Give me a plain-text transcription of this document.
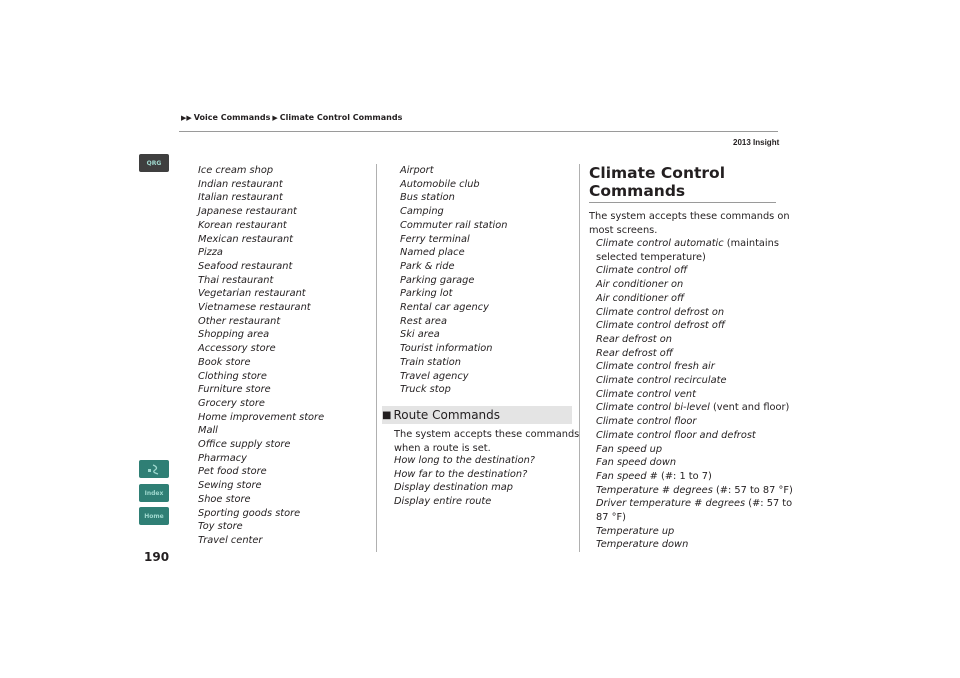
▶▶ Voice Commands ▶ Climate Control Commands
2013 Insight
QRG
Index
Home
Ice cream shop
Indian restaurant
Italian restaurant
Japanese restaurant
Korean restaurant
Mexican restaurant
Pizza
Seafood restaurant
Thai restaurant
Vegetarian restaurant
Vietnamese restaurant
Other restaurant
Shopping area
Accessory store
Book store
Clothing store
Furniture store
Grocery store
Home improvement store
Mall
Office supply store
Pharmacy
Pet food store
Sewing store
Shoe store
Sporting goods store
Toy store
Travel center
Airport
Automobile club
Bus station
Camping
Commuter rail station
Ferry terminal
Named place
Park & ride
Parking garage
Parking lot
Rental car agency
Rest area
Ski area
Tourist information
Train station
Travel agency
Truck stop
■ Route Commands
The system accepts these commands
when a route is set.
How long to the destination?
How far to the destination?
Display destination map
Display entire route
Climate Control
Commands
The system accepts these commands on
most screens.
Climate control automatic (maintains
selected temperature)
Climate control off
Air conditioner on
Air conditioner off
Climate control defrost on
Climate control defrost off
Rear defrost on
Rear defrost off
Climate control fresh air
Climate control recirculate
Climate control vent
Climate control bi-level (vent and floor)
Climate control floor
Climate control floor and defrost
Fan speed up
Fan speed down
Fan speed # (#: 1 to 7)
Temperature # degrees (#: 57 to 87 °F)
Driver temperature # degrees (#: 57 to
87 °F)
Temperature up
Temperature down
190
